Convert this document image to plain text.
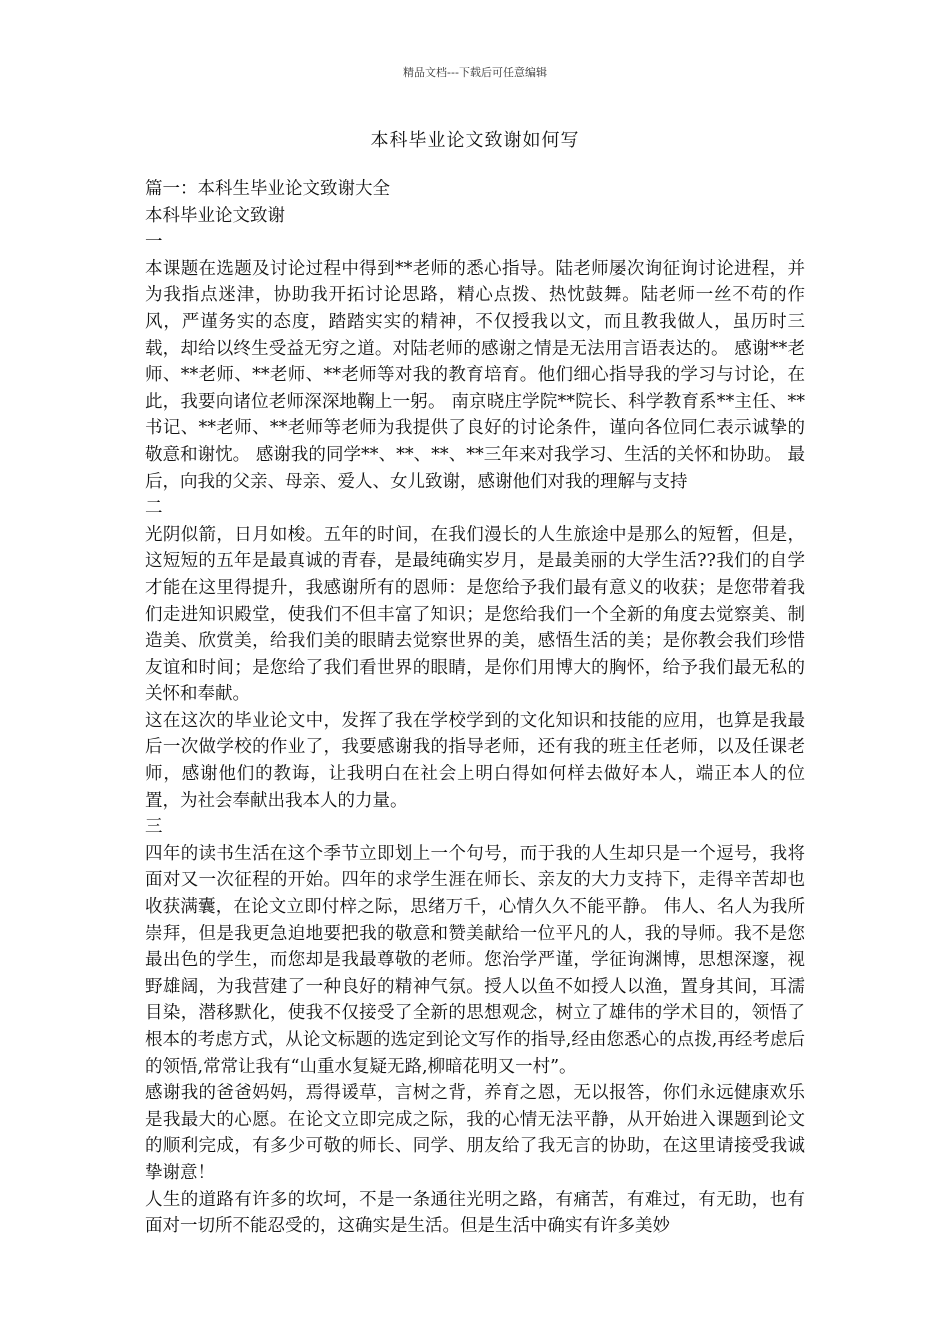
精品文档---下载后可任意编辑
本科毕业论文致谢如何写

篇一：本科生毕业论文致谢大全

本科毕业论文致谢

一

本课题在选题及讨论过程中得到**老师的悉心指导。陆老师屡次询征询讨论进程，并为我指点迷津，协助我开拓讨论思路，精心点拨、热忱鼓舞。陆老师一丝不苟的作风，严谨务实的态度，踏踏实实的精神，不仅授我以文，而且教我做人，虽历时三载，却给以终生受益无穷之道。对陆老师的感谢之情是无法用言语表达的。 感谢**老师、**老师、**老师、**老师等对我的教育培育。他们细心指导我的学习与讨论，在此，我要向诸位老师深深地鞠上一躬。 南京晓庄学院**院长、科学教育系**主任、**书记、**老师、**老师等老师为我提供了良好的讨论条件，谨向各位同仁表示诚挚的敬意和谢忱。 感谢我的同学**、**、**、**三年来对我学习、生活的关怀和协助。 最后，向我的父亲、母亲、爱人、女儿致谢，感谢他们对我的理解与支持

二

光阴似箭，日月如梭。五年的时间，在我们漫长的人生旅途中是那么的短暂，但是，这短短的五年是最真诚的青春，是最纯确实岁月，是最美丽的大学生活??我们的自学才能在这里得提升，我感谢所有的恩师：是您给予我们最有意义的收获；是您带着我们走进知识殿堂，使我们不但丰富了知识；是您给我们一个全新的角度去觉察美、制造美、欣赏美，给我们美的眼睛去觉察世界的美，感悟生活的美；是你教会我们珍惜友谊和时间；是您给了我们看世界的眼睛，是你们用博大的胸怀，给予我们最无私的关怀和奉献。

这在这次的毕业论文中，发挥了我在学校学到的文化知识和技能的应用，也算是我最后一次做学校的作业了，我要感谢我的指导老师，还有我的班主任老师，以及任课老师，感谢他们的教诲，让我明白在社会上明白得如何样去做好本人，端正本人的位置，为社会奉献出我本人的力量。

三

四年的读书生活在这个季节立即划上一个句号，而于我的人生却只是一个逗号，我将面对又一次征程的开始。四年的求学生涯在师长、亲友的大力支持下，走得辛苦却也收获满囊，在论文立即付梓之际，思绪万千，心情久久不能平静。 伟人、名人为我所崇拜，但是我更急迫地要把我的敬意和赞美献给一位平凡的人，我的导师。我不是您最出色的学生，而您却是我最尊敬的老师。您治学严谨，学征询渊博，思想深邃，视野雄阔，为我营建了一种良好的精神气氛。授人以鱼不如授人以渔，置身其间，耳濡目染，潜移默化，使我不仅接受了全新的思想观念，树立了雄伟的学术目的，领悟了根本的考虑方式，从论文标题的选定到论文写作的指导,经由您悉心的点拨,再经考虑后的领悟,常常让我有“山重水复疑无路,柳暗花明又一村”。

感谢我的爸爸妈妈，焉得谖草，言树之背，养育之恩，无以报答，你们永远健康欢乐是我最大的心愿。在论文立即完成之际，我的心情无法平静，从开始进入课题到论文的顺利完成，有多少可敬的师长、同学、朋友给了我无言的协助，在这里请接受我诚挚谢意！

人生的道路有许多的坎坷，不是一条通往光明之路，有痛苦，有难过，有无助，也有面对一切所不能忍受的，这确实是生活。但是生活中确实有许多美妙
